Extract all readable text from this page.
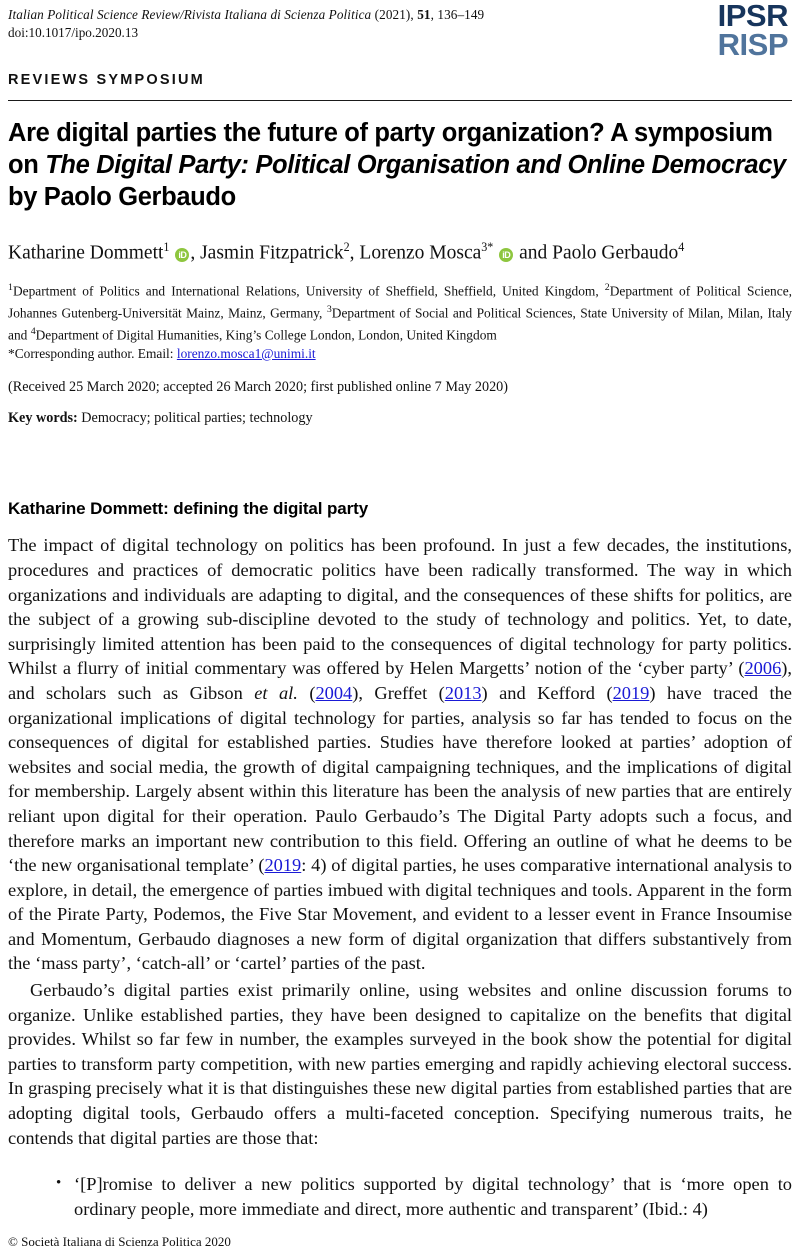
Italian Political Science Review/Rivista Italiana di Scienza Politica (2021), 51, 136–149
doi:10.1017/ipo.2020.13	IPSR
RISP
REVIEWS SYMPOSIUM
Are digital parties the future of party organization? A symposium on The Digital Party: Political Organisation and Online Democracy by Paolo Gerbaudo
Katharine Dommett$^1$ iD , Jasmin Fitzpatrick$^2$, Lorenzo Mosca$^{3*}$ iD and Paolo Gerbaudo$^4$
$^1$Department of Politics and International Relations, University of Sheffield, Sheffield, United Kingdom, $^2$Department of Political Science, Johannes Gutenberg-Universität Mainz, Mainz, Germany, $^3$Department of Social and Political Sciences, State University of Milan, Milan, Italy and $^4$Department of Digital Humanities, King’s College London, London, United Kingdom
*Corresponding author. Email: lorenzo.mosca1@unimi.it
(Received 25 March 2020; accepted 26 March 2020; first published online 7 May 2020)
Key words: Democracy; political parties; technology
Katharine Dommett: defining the digital party

The impact of digital technology on politics has been profound. In just a few decades, the institutions, procedures and practices of democratic politics have been radically transformed. The way in which organizations and individuals are adapting to digital, and the consequences of these shifts for politics, are the subject of a growing sub-discipline devoted to the study of technology and politics. Yet, to date, surprisingly limited attention has been paid to the consequences of digital technology for party politics. Whilst a flurry of initial commentary was offered by Helen Margetts’ notion of the ‘cyber party’ (2006), and scholars such as Gibson et al. (2004), Greffet (2013) and Kefford (2019) have traced the organizational implications of digital technology for parties, analysis so far has tended to focus on the consequences of digital for established parties. Studies have therefore looked at parties’ adoption of websites and social media, the growth of digital campaigning techniques, and the implications of digital for membership. Largely absent within this literature has been the analysis of new parties that are entirely reliant upon digital for their operation. Paulo Gerbaudo’s The Digital Party adopts such a focus, and therefore marks an important new contribution to this field. Offering an outline of what he deems to be ‘the new organisational template’ (2019: 4) of digital parties, he uses comparative international analysis to explore, in detail, the emergence of parties imbued with digital techniques and tools. Apparent in the form of the Pirate Party, Podemos, the Five Star Movement, and evident to a lesser event in France Insoumise and Momentum, Gerbaudo diagnoses a new form of digital organization that differs substantively from the ‘mass party’, ‘catch-all’ or ‘cartel’ parties of the past.

Gerbaudo’s digital parties exist primarily online, using websites and online discussion forums to organize. Unlike established parties, they have been designed to capitalize on the benefits that digital provides. Whilst so far few in number, the examples surveyed in the book show the potential for digital parties to transform party competition, with new parties emerging and rapidly achieving electoral success. In grasping precisely what it is that distinguishes these new digital parties from established parties that are adopting digital tools, Gerbaudo offers a multi-faceted conception. Specifying numerous traits, he contends that digital parties are those that:

• ‘[P]romise to deliver a new politics supported by digital technology’ that is ‘more open to ordinary people, more immediate and direct, more authentic and transparent’ (Ibid.: 4)
© Società Italiana di Scienza Politica 2020
